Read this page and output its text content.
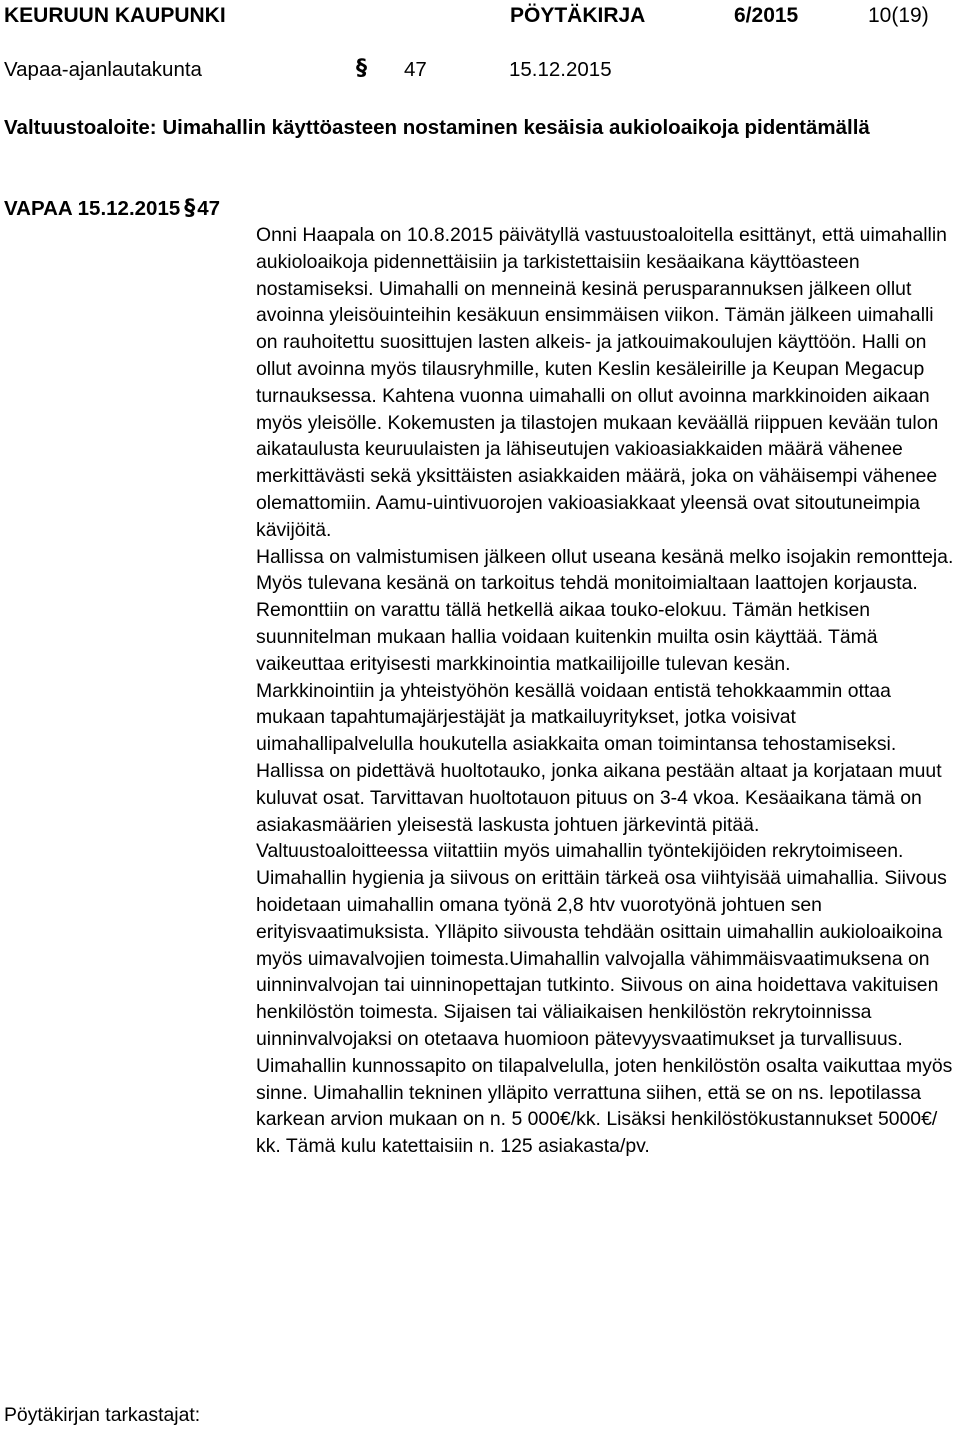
KEURUUN KAUPUNKI	PÖYTÄKIRJA	6/2015	10(19)
Vapaa-ajanlautakunta	§ 47	15.12.2015
Valtuustoaloite: Uimahallin käyttöasteen nostaminen kesäisia aukioloaikoja pidentämällä
VAPAA 15.12.2015 §47

Onni Haapala on 10.8.2015 päivätyllä vastuustoaloitella esittänyt, että uimahallin aukioloaikoja pidennettäisiin ja tarkistettaisiin kesäaikana käyttöasteen nostamiseksi. Uimahalli on menneinä kesinä perusparannuksen jälkeen ollut avoinna yleisöuinteihin kesäkuun ensimmäisen viikon. Tämän jälkeen uimahalli on rauhoitettu suosittujen lasten alkeis- ja jatkouimakoulujen käyttöön. Halli on ollut avoinna myös tilausryhmille, kuten Keslin kesäleirille ja Keupan Megacup turnauksessa. Kahtena vuonna uimahalli on ollut avoinna markkinoiden aikaan myös yleisölle. Kokemusten ja tilastojen mukaan keväällä riippuen kevään tulon aikataulusta keuruulaisten ja lähiseutujen vakioasiakkaiden määrä vähenee merkittävästi sekä yksittäisten asiakkaiden määrä, joka on vähäisempi vähenee olemattomiin. Aamu-uintivuorojen vakioasiakkaat yleensä ovat sitoutuneimpia kävijöitä.

Hallissa on valmistumisen jälkeen ollut useana kesänä melko isojakin remontteja. Myös tulevana kesänä on tarkoitus tehdä monitoimialtaan laattojen korjausta. Remonttiin on varattu tällä hetkellä aikaa touko-elokuu. Tämän hetkisen suunnitelman mukaan hallia voidaan kuitenkin muilta osin käyttää. Tämä vaikeuttaa erityisesti markkinointia matkailijoille tulevan kesän.

Markkinointiin ja yhteistyöhön kesällä voidaan entistä tehokkaammin ottaa mukaan tapahtumajärjestäjät ja matkailuyritykset, jotka voisivat uimahallipalvelulla houkutella asiakkaita oman toimintansa tehostamiseksi.

Hallissa on pidettävä huoltotauko, jonka aikana pestään altaat ja korjataan muut kuluvat osat. Tarvittavan huoltotauon pituus on 3-4 vkoa. Kesäaikana tämä on asiakasmäärien yleisestä laskusta johtuen järkevintä pitää.

Valtuustoaloitteessa viitattiin myös uimahallin työntekijöiden rekrytoimiseen. Uimahallin hygienia ja siivous on erittäin tärkeä osa viihtyisää uimahallia. Siivous hoidetaan uimahallin omana työnä 2,8 htv vuorotyönä johtuen sen erityisvaatimuksista. Ylläpito siivousta tehdään osittain uimahallin aukioloaikoina myös uimavalvojien toimesta.Uimahallin valvojalla vähimmäisvaatimuksena on uinninvalvojan tai uinninopettajan tutkinto. Siivous on aina hoidettava vakituisen henkilöstön toimesta. Sijaisen tai väliaikaisen henkilöstön rekrytoinnissa uinninvalvojaksi on otetaava huomioon pätevyysvaatimukset ja turvallisuus. Uimahallin kunnossapito on tilapalvelulla, joten henkilöstön osalta vaikuttaa myös sinne. Uimahallin tekninen ylläpito verrattuna siihen, että se on ns. lepotilassa karkean arvion mukaan on n. 5 000€/kk. Lisäksi henkilöstökustannukset 5000€/ kk. Tämä kulu katettaisiin n. 125 asiakasta/pv.

Pöytäkirjan tarkastajat:
